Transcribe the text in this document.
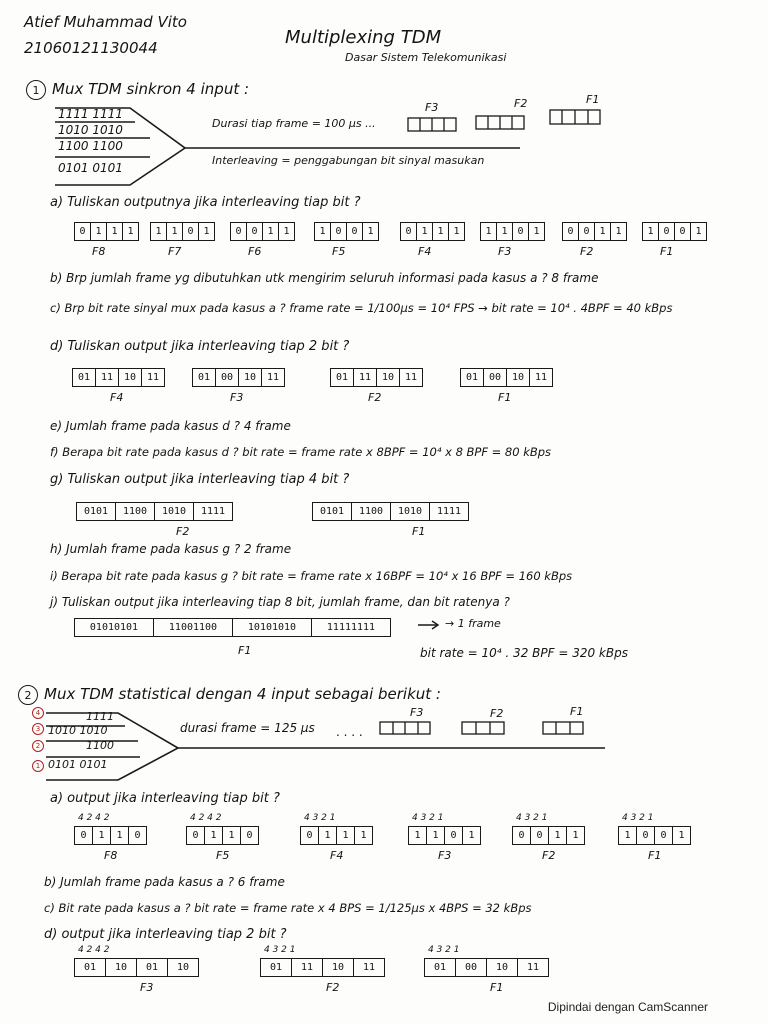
Atief Muhammad Vito
21060121130044	Multiplexing TDM
Dasar Sistem Telekomunikasi
1 Mux TDM sinkron 4 input :
1111 1111
1010 1010
1100 1100
0101 0101
Durasi tiap frame = 100 μs ...
Interleaving = penggabungan bit sinyal masukan
F3	F2	F1
a) Tuliskan outputnya jika interleaving tiap bit ?
0 1 1 1
F8
1 1 0 1
F7
0 0 1 1
F6
1 0 0 1
F5
0 1 1 1
F4
1 1 0 1
F3
0 0 1 1
F2
1 0 0 1
F1
b) Brp jumlah frame yg dibutuhkan utk mengirim seluruh informasi pada kasus a ? 8 frame
c) Brp bit rate sinyal mux pada kasus a ? frame rate = 1/100μs = 10⁴ FPS → bit rate = 10⁴ . 4BPF = 40 kBps
d) Tuliskan output jika interleaving tiap 2 bit ?
01	11	10	11
F4
01	00	10	11
F3
01	11	10	11
F2
01	00	10	11
F1
e) Jumlah frame pada kasus d ? 4 frame
f) Berapa bit rate pada kasus d ? bit rate = frame rate x 8BPF = 10⁴ x 8 BPF = 80 kBps
g) Tuliskan output jika interleaving tiap 4 bit ?
0101	1100	1010	1111
F2
0101	1100	1010	1111
F1
h) Jumlah frame pada kasus g ? 2 frame
i) Berapa bit rate pada kasus g ? bit rate = frame rate x 16BPF = 10⁴ x 16 BPF = 160 kBps
j) Tuliskan output jika interleaving tiap 8 bit, jumlah frame, dan bit ratenya ?
01010101	11001100	10101010	11111111
F1
→ 1 frame
bit rate = 10⁴ . 32 BPF = 320 kBps
2 Mux TDM statistical dengan 4 input sebagai berikut :
4
3
2
1
1111
1010 1010
1100
0101 0101
durasi frame = 125 μs . . . .
F3	F2	F1
a) output jika interleaving tiap bit ?
4 2 4 2
0	1	1	0
F8
4 2 4 2
0	1	1	0
F5
4 3 2 1
0	1	1	1
F4
4 3 2 1
1	1	0	1
F3
4 3 2 1
0	0	1	1
F2
4 3 2 1
1	0	0	1
F1
b) Jumlah frame pada kasus a ? 6 frame
c) Bit rate pada kasus a ? bit rate = frame rate x 4 BPS = 1/125μs x 4BPS = 32 kBps
d) output jika interleaving tiap 2 bit ?
4 2 4 2
01	10	01	10
F3
4 3 2 1
01	11	10	11
F2
4 3 2 1
01	00	10	11
F1
Dipindai dengan CamScanner
